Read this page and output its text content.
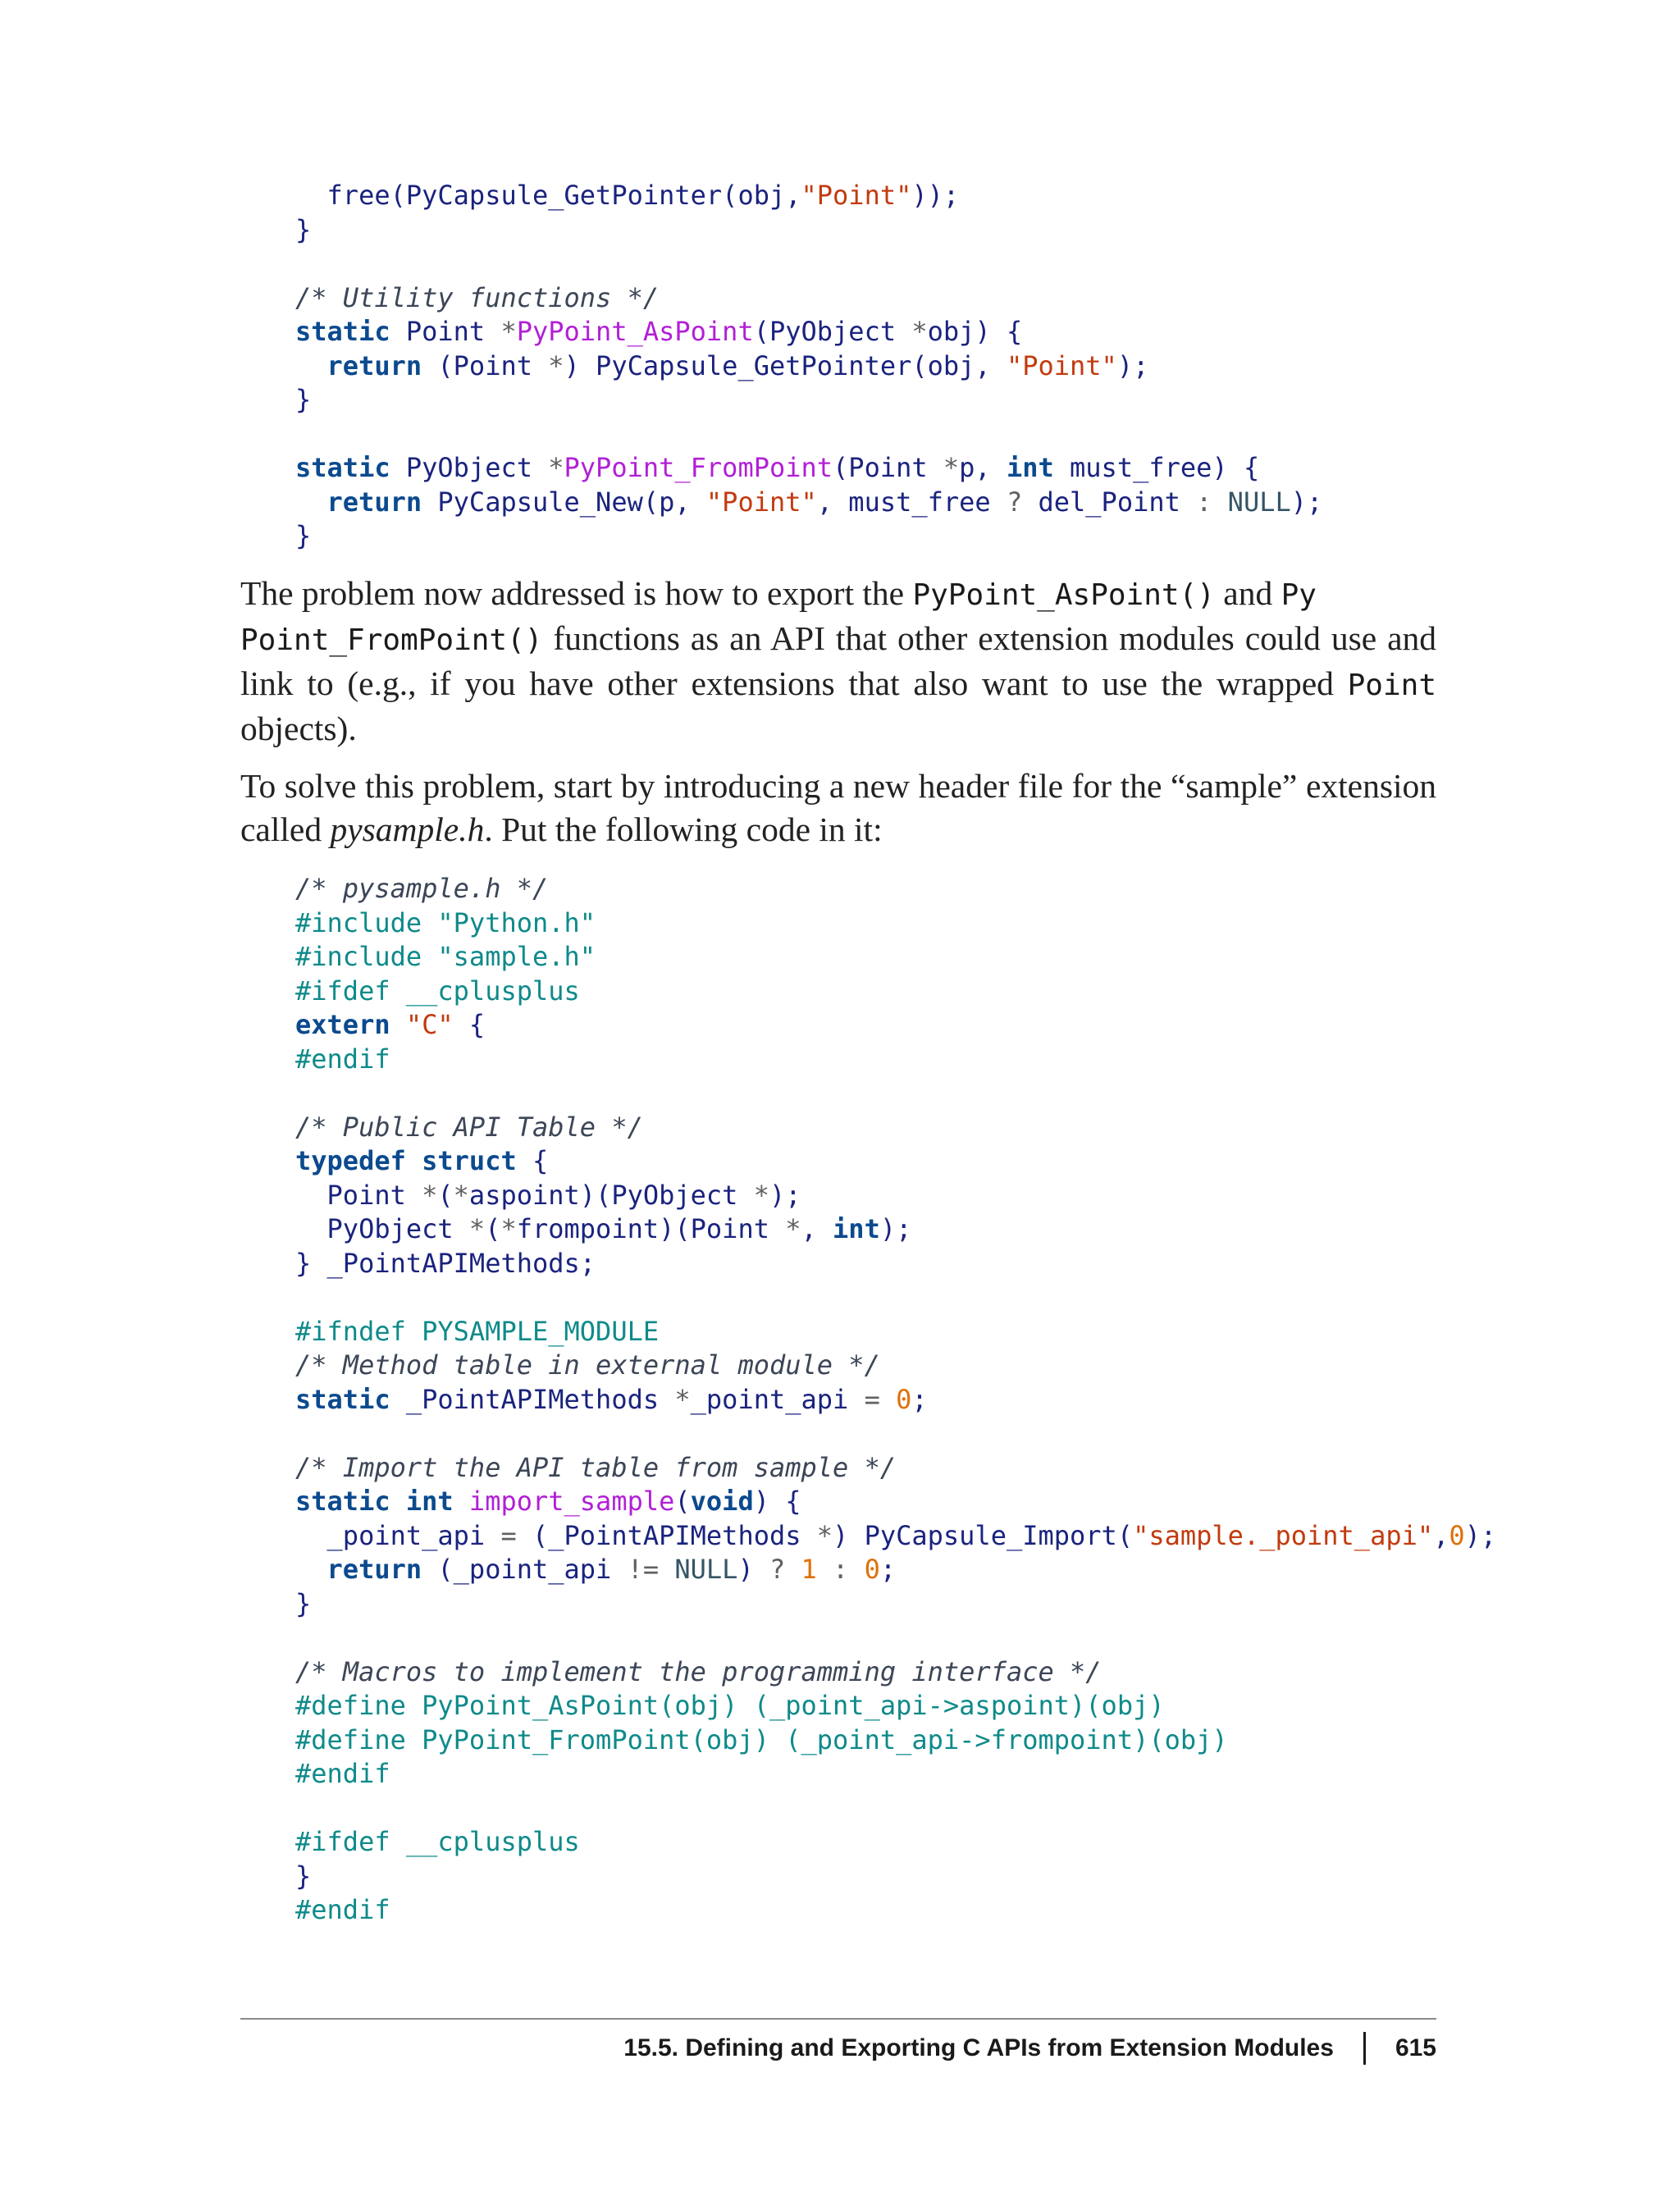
free(PyCapsule_GetPointer(obj,"Point"));
}

/* Utility functions */
static Point *PyPoint_AsPoint(PyObject *obj) {
return (Point *) PyCapsule_GetPointer(obj, "Point");
}

static PyObject *PyPoint_FromPoint(Point *p, int must_free) {
return PyCapsule_New(p, "Point", must_free ? del_Point : NULL);
}

The problem now addressed is how to export the PyPoint_AsPoint() and Py
Point_FromPoint() functions as an API that other extension modules could use and link to (e.g., if you have other extensions that also want to use the wrapped Point objects).

To solve this problem, start by introducing a new header file for the “sample” extension called pysample.h. Put the following code in it:

/* pysample.h */
#include "Python.h"
#include "sample.h"
#ifdef __cplusplus
extern "C" {
#endif

/* Public API Table */
typedef struct {
Point *(*aspoint)(PyObject *);
PyObject *(*frompoint)(Point *, int);
} _PointAPIMethods;

#ifndef PYSAMPLE_MODULE
/* Method table in external module */
static _PointAPIMethods *_point_api = 0;

/* Import the API table from sample */
static int import_sample(void) {
_point_api = (_PointAPIMethods *) PyCapsule_Import("sample._point_api",0);
return (_point_api != NULL) ? 1 : 0;
}

/* Macros to implement the programming interface */
#define PyPoint_AsPoint(obj) (_point_api->aspoint)(obj)
#define PyPoint_FromPoint(obj) (_point_api->frompoint)(obj)
#endif

#ifdef __cplusplus
}
#endif
15.5. Defining and Exporting C APIs from Extension Modules	615
